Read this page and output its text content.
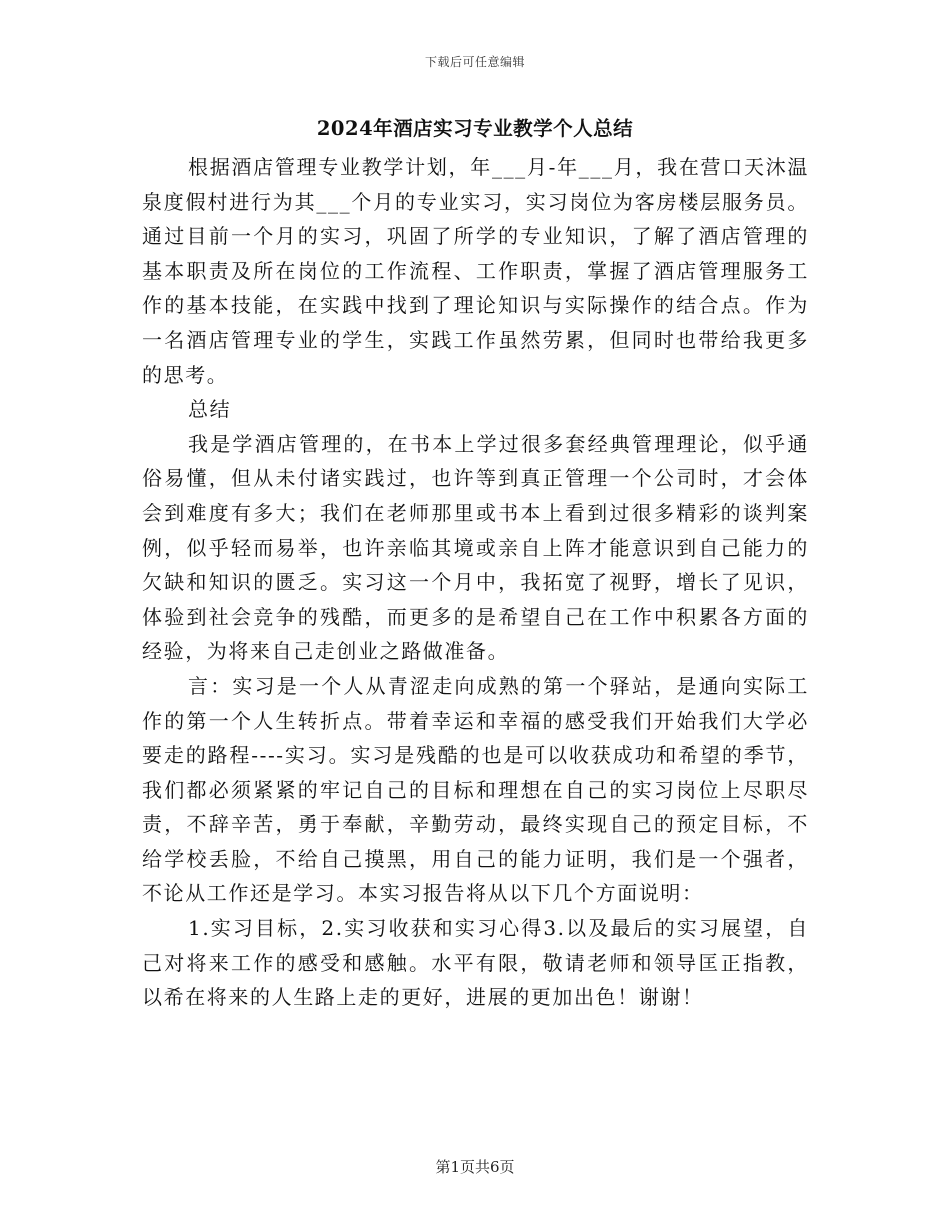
下载后可任意编辑
2024年酒店实习专业教学个人总结

根据酒店管理专业教学计划，年___月-年___月，我在营口天沐温泉度假村进行为其___个月的专业实习，实习岗位为客房楼层服务员。通过目前一个月的实习，巩固了所学的专业知识，了解了酒店管理的基本职责及所在岗位的工作流程、工作职责，掌握了酒店管理服务工作的基本技能，在实践中找到了理论知识与实际操作的结合点。作为一名酒店管理专业的学生，实践工作虽然劳累，但同时也带给我更多的思考。

总结

我是学酒店管理的，在书本上学过很多套经典管理理论，似乎通俗易懂，但从未付诸实践过，也许等到真正管理一个公司时，才会体会到难度有多大；我们在老师那里或书本上看到过很多精彩的谈判案例，似乎轻而易举，也许亲临其境或亲自上阵才能意识到自己能力的欠缺和知识的匮乏。实习这一个月中，我拓宽了视野，增长了见识，体验到社会竞争的残酷，而更多的是希望自己在工作中积累各方面的经验，为将来自己走创业之路做准备。

言：实习是一个人从青涩走向成熟的第一个驿站，是通向实际工作的第一个人生转折点。带着幸运和幸福的感受我们开始我们大学必要走的路程----实习。实习是残酷的也是可以收获成功和希望的季节，我们都必须紧紧的牢记自己的目标和理想在自己的实习岗位上尽职尽责，不辞辛苦，勇于奉献，辛勤劳动，最终实现自己的预定目标，不给学校丢脸，不给自己摸黑，用自己的能力证明，我们是一个强者，不论从工作还是学习。本实习报告将从以下几个方面说明：

1.实习目标，2.实习收获和实习心得3.以及最后的实习展望，自己对将来工作的感受和感触。水平有限，敬请老师和领导匡正指教，以希在将来的人生路上走的更好，进展的更加出色！谢谢！

第1页共6页
